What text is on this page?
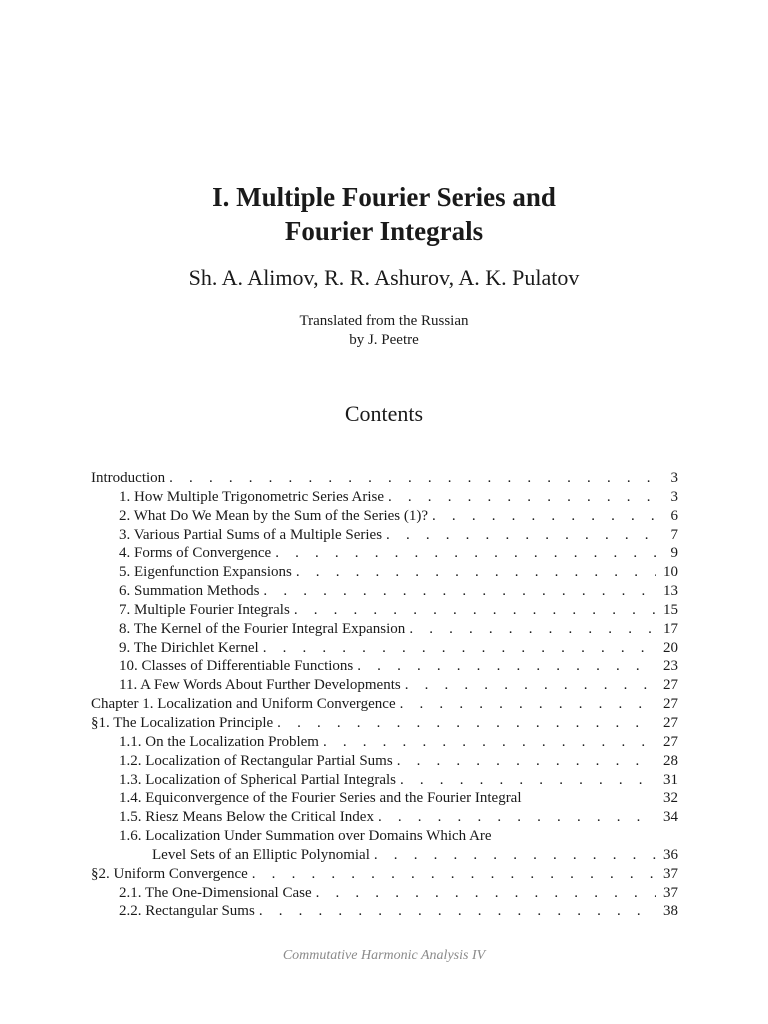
I. Multiple Fourier Series and
Fourier Integrals
Sh. A. Alimov, R. R. Ashurov, A. K. Pulatov
Translated from the Russian
by J. Peetre
Contents
Introduction . . .	3
1. How Multiple Trigonometric Series Arise . . .	3
2. What Do We Mean by the Sum of the Series (1)? . . .	6
3. Various Partial Sums of a Multiple Series . . .	7
4. Forms of Convergence . . .	9
5. Eigenfunction Expansions . . .	10
6. Summation Methods . . .	13
7. Multiple Fourier Integrals . . .	15
8. The Kernel of the Fourier Integral Expansion . . .	17
9. The Dirichlet Kernel . . .	20
10. Classes of Differentiable Functions . . .	23
11. A Few Words About Further Developments . . .	27
Chapter 1. Localization and Uniform Convergence . . .	27
§1. The Localization Principle . . .	27
1.1. On the Localization Problem . . .	27
1.2. Localization of Rectangular Partial Sums . . .	28
1.3. Localization of Spherical Partial Integrals . . .	31
1.4. Equiconvergence of the Fourier Series and the Fourier Integral	32
1.5. Riesz Means Below the Critical Index . . .	34
1.6. Localization Under Summation over Domains Which Are
Level Sets of an Elliptic Polynomial . . .	36
§2. Uniform Convergence . . .	37
2.1. The One-Dimensional Case . . .	37
2.2. Rectangular Sums . . .	38
Commutative Harmonic Analysis IV
